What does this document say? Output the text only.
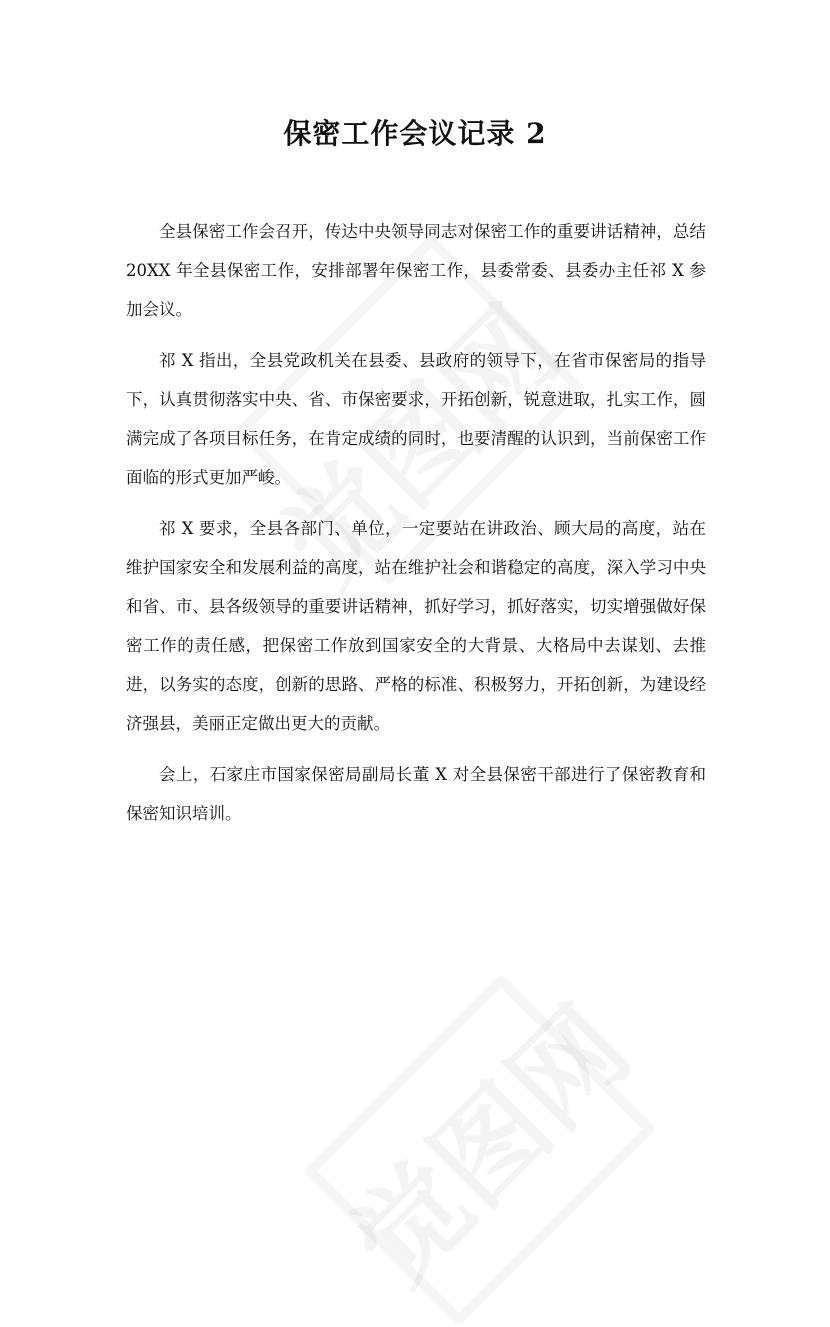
保密工作会议记录 2

全县保密工作会召开，传达中央领导同志对保密工作的重要讲话精神，总结 20XX 年全县保密工作，安排部署年保密工作，县委常委、县委办主任祁 X 参加会议。

祁 X 指出，全县党政机关在县委、县政府的领导下，在省市保密局的指导下，认真贯彻落实中央、省、市保密要求，开拓创新，锐意进取，扎实工作，圆满完成了各项目标任务，在肯定成绩的同时，也要清醒的认识到，当前保密工作面临的形式更加严峻。

祁 X 要求，全县各部门、单位，一定要站在讲政治、顾大局的高度，站在维护国家安全和发展利益的高度，站在维护社会和谐稳定的高度，深入学习中央和省、市、县各级领导的重要讲话精神，抓好学习，抓好落实，切实增强做好保密工作的责任感，把保密工作放到国家安全的大背景、大格局中去谋划、去推进，以务实的态度，创新的思路、严格的标准、积极努力，开拓创新，为建设经济强县，美丽正定做出更大的贡献。

会上，石家庄市国家保密局副局长董 X 对全县保密干部进行了保密教育和保密知识培训。
